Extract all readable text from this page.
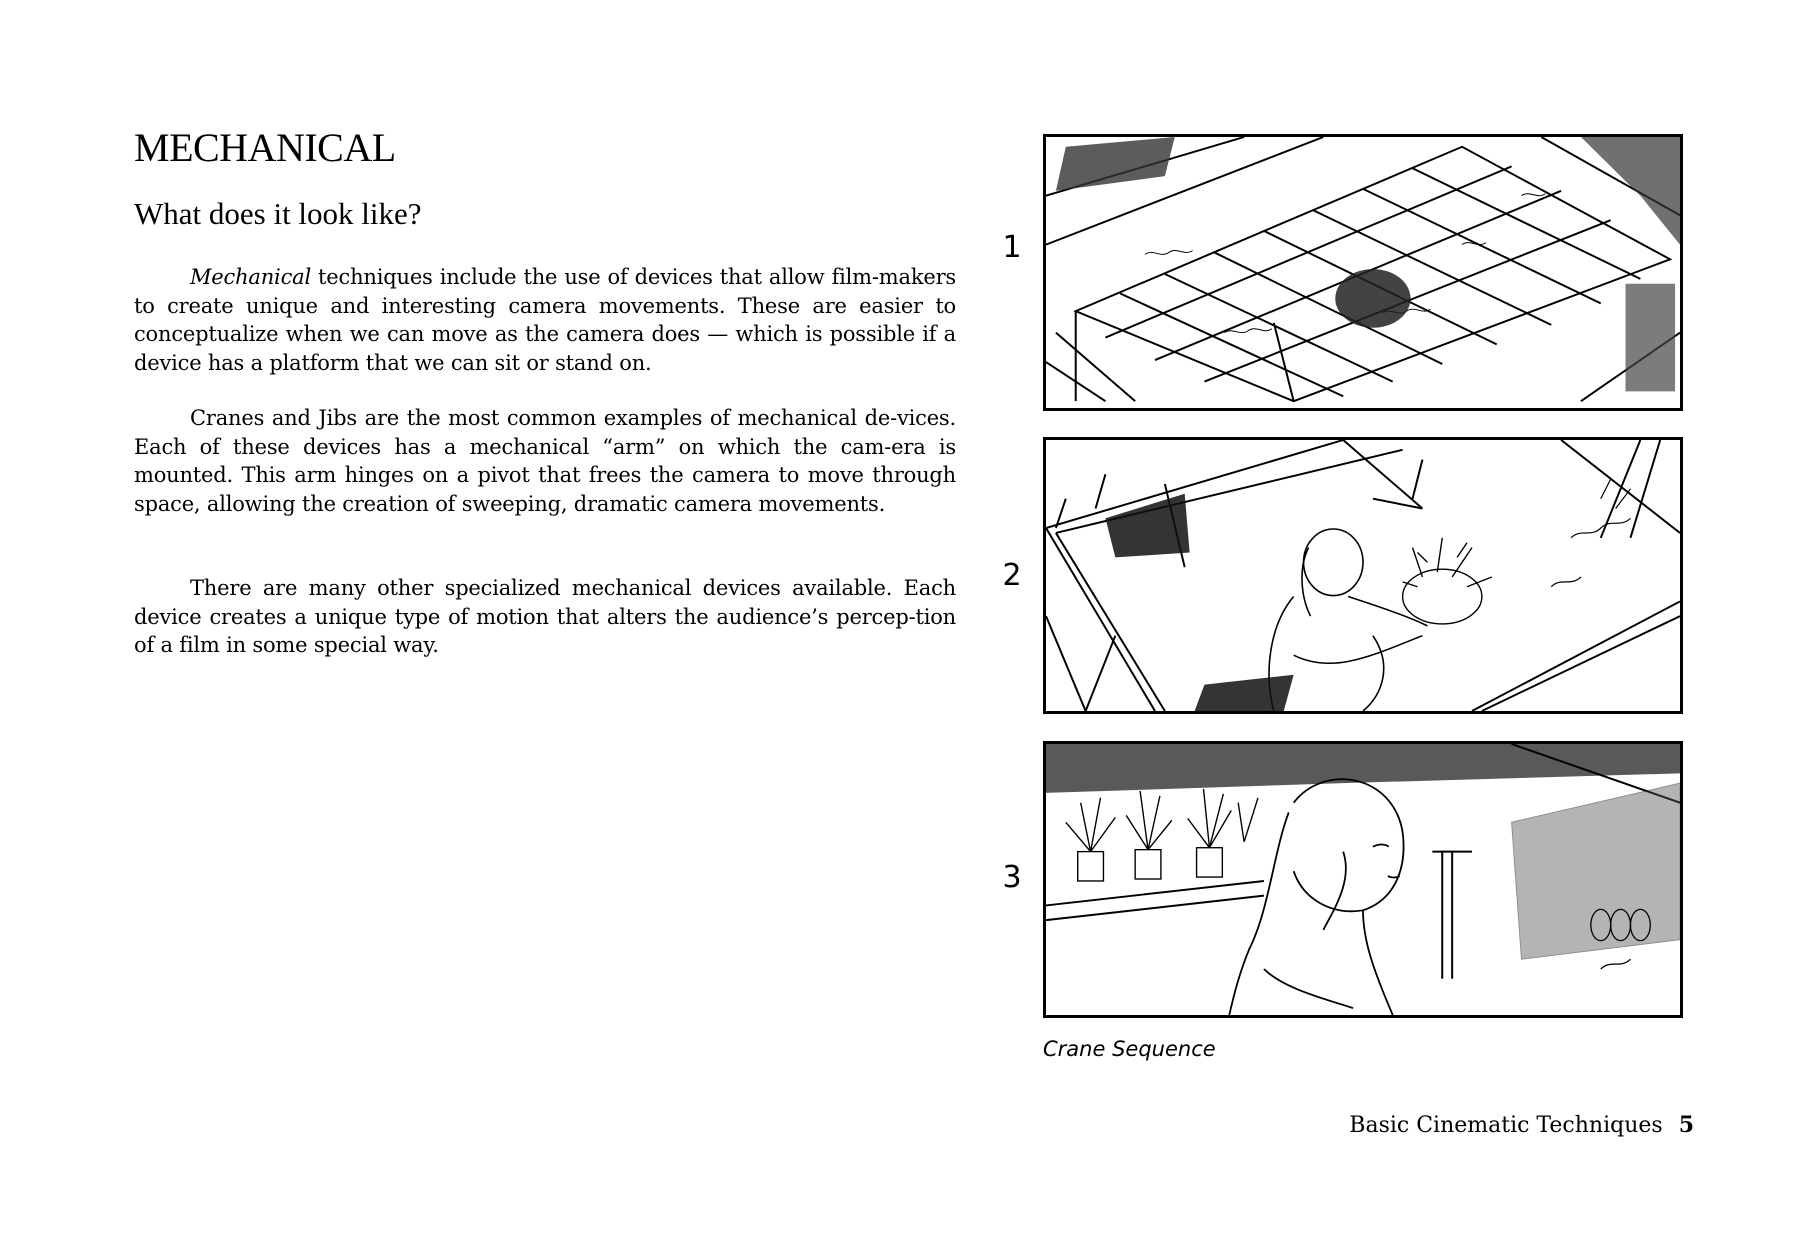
MECHANICAL
What does it look like?

Mechanical techniques include the use of devices that allow film-makers to create unique and interesting camera movements. These are easier to conceptualize when we can move as the camera does — which is possible if a device has a platform that we can sit or stand on.

Cranes and Jibs are the most common examples of mechanical de-vices. Each of these devices has a mechanical “arm” on which the cam-era is mounted. This arm hinges on a pivot that frees the camera to move through space, allowing the creation of sweeping, dramatic camera movements.

There are many other specialized mechanical devices available. Each device creates a unique type of motion that alters the audience’s percep-tion of a film in some special way.

1
2
3
Crane Sequence
Basic Cinematic Techniques 5
